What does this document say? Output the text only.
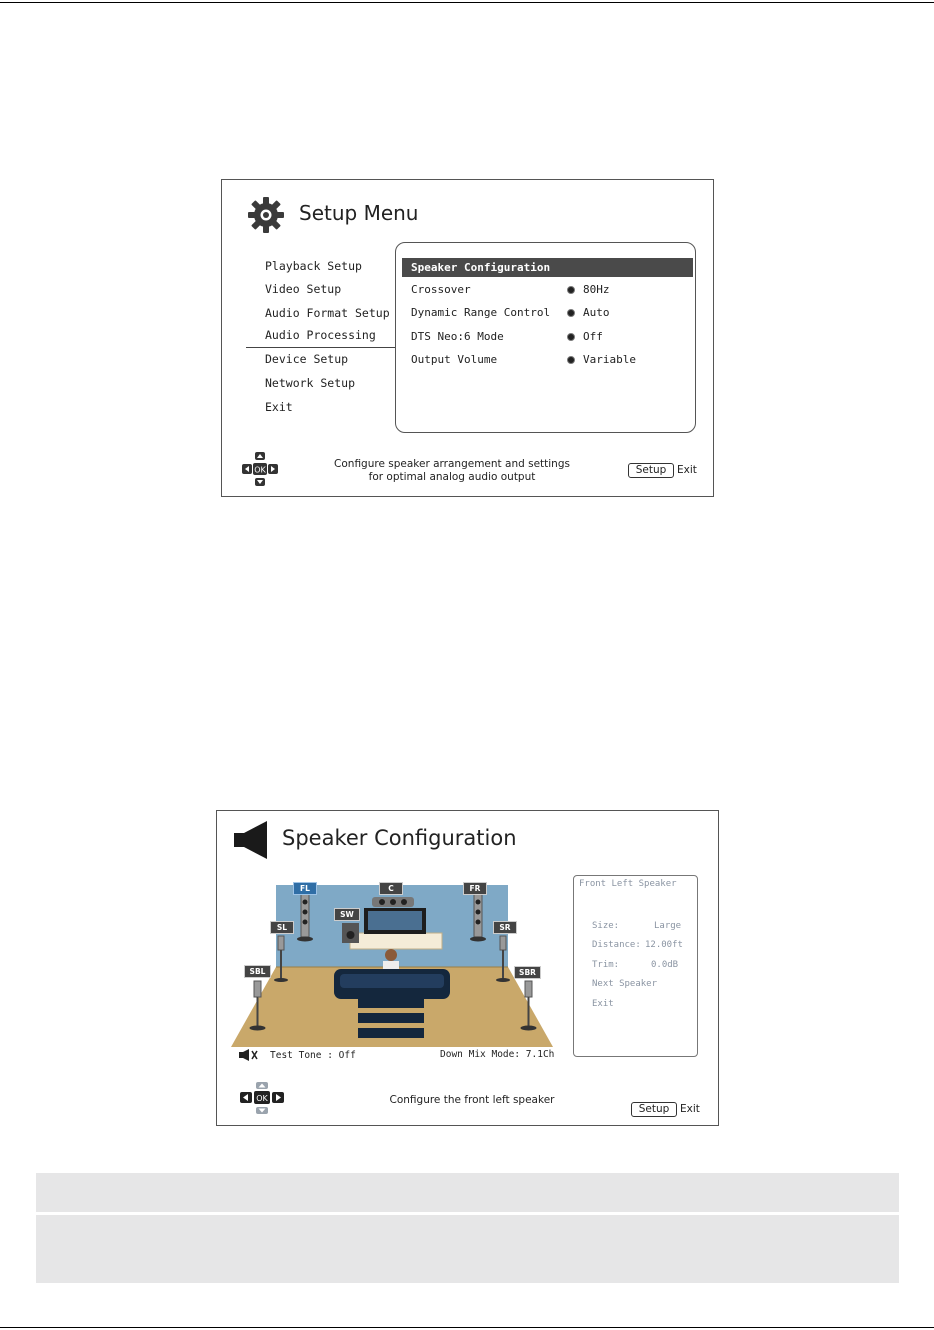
Setup Menu
Playback Setup
Video Setup
Audio Format Setup
Audio Processing
Device Setup
Network Setup
Exit
Speaker Configuration
Crossover	80Hz
Dynamic Range Control	Auto
DTS Neo:6 Mode	Off
Output Volume	Variable
OK	Configure speaker arrangement and settings
for optimal analog audio output
Setup	Exit
Speaker Configuration
FL	C	FR
SW
SL	SR
SBL	SBR
Front Left Speaker
Size:	Large
Distance: 12.00ft
Trim:	0.0dB
Next Speaker
Exit
Test Tone : Off	Down Mix Mode: 7.1Ch
OK	Configure the front left speaker
Setup	Exit
